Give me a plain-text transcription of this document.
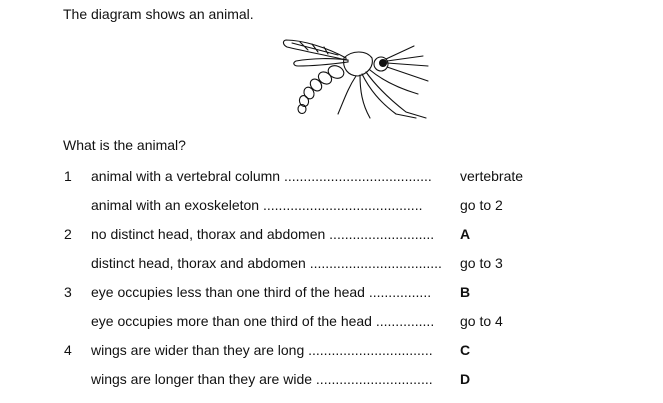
The diagram shows an animal.
What is the animal?
1 animal with a vertebral column ...................................... vertebrate
animal with an exoskeleton .........................................	go to 2
2 no distinct head, thorax and abdomen ........................... A
distinct head, thorax and abdomen .................................. go to 3
3 eye occupies less than one third of the head ................ B
eye occupies more than one third of the head ............... go to 4
4 wings are wider than they are long ................................ C
wings are longer than they are wide .............................. D
